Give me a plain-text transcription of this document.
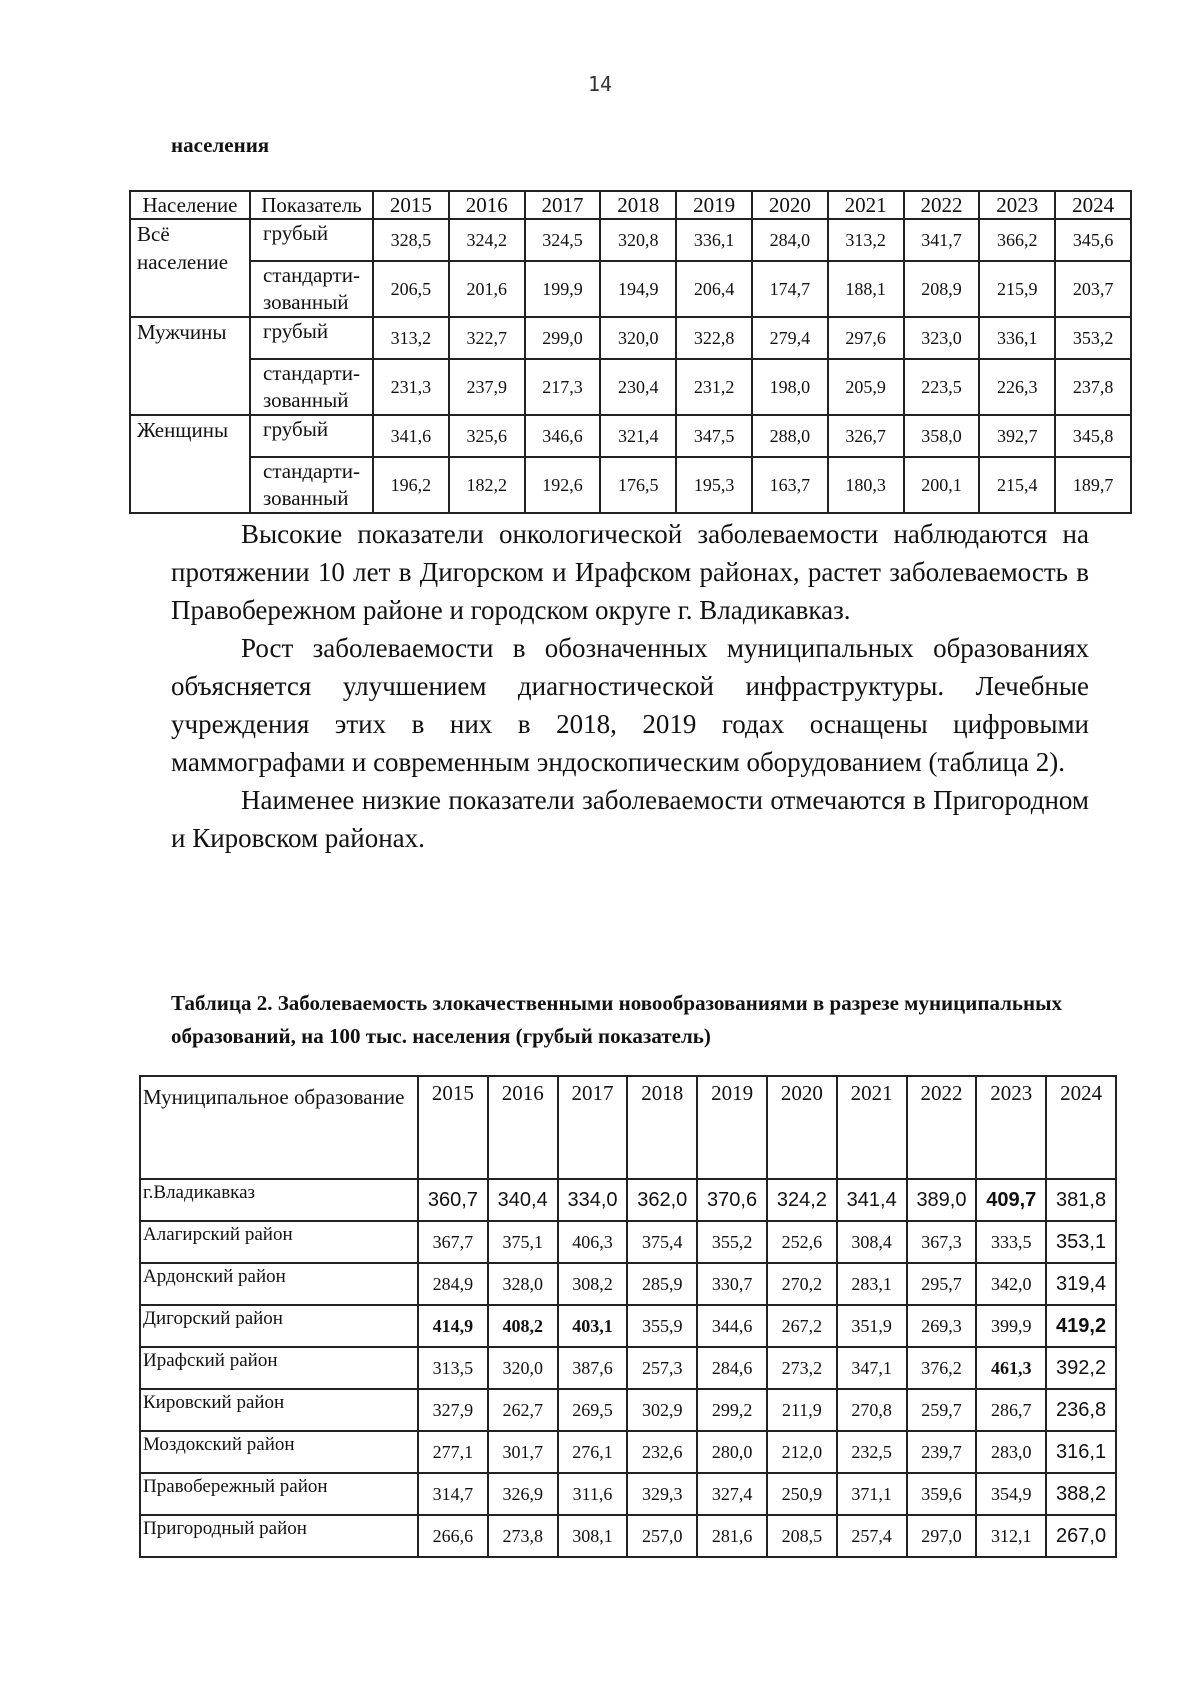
14
населения
Население	Показатель	2015	2016	2017	2018	2019	2020	2021	2022	2023	2024
Всё население	грубый	328,5	324,2	324,5	320,8	336,1	284,0	313,2	341,7	366,2	345,6
	стандарти-зованный	206,5	201,6	199,9	194,9	206,4	174,7	188,1	208,9	215,9	203,7
Мужчины	грубый	313,2	322,7	299,0	320,0	322,8	279,4	297,6	323,0	336,1	353,2
	стандарти-зованный	231,3	237,9	217,3	230,4	231,2	198,0	205,9	223,5	226,3	237,8
Женщины	грубый	341,6	325,6	346,6	321,4	347,5	288,0	326,7	358,0	392,7	345,8
	стандарти-зованный	196,2	182,2	192,6	176,5	195,3	163,7	180,3	200,1	215,4	189,7

Высокие показатели онкологической заболеваемости наблюдаются на протяжении 10 лет в Дигорском и Ирафском районах, растет заболеваемость в Правобережном районе и городском округе г. Владикавказ.

Рост заболеваемости в обозначенных муниципальных образованиях объясняется улучшением диагностической инфраструктуры. Лечебные учреждения этих в них в 2018, 2019 годах оснащены цифровыми маммографами и современным эндоскопическим оборудованием (таблица 2).

Наименее низкие показатели заболеваемости отмечаются в Пригородном и Кировском районах.

Таблица 2. Заболеваемость злокачественными новообразованиями в разрезе муниципальных образований, на 100 тыс. населения (грубый показатель)
Муниципальное образование	2015	2016	2017	2018	2019	2020	2021	2022	2023	2024
г.Владикавказ	360,7	340,4	334,0	362,0	370,6	324,2	341,4	389,0	409,7	381,8
Алагирский район	367,7	375,1	406,3	375,4	355,2	252,6	308,4	367,3	333,5	353,1
Ардонский район	284,9	328,0	308,2	285,9	330,7	270,2	283,1	295,7	342,0	319,4
Дигорский район	414,9	408,2	403,1	355,9	344,6	267,2	351,9	269,3	399,9	419,2
Ирафский район	313,5	320,0	387,6	257,3	284,6	273,2	347,1	376,2	461,3	392,2
Кировский район	327,9	262,7	269,5	302,9	299,2	211,9	270,8	259,7	286,7	236,8
Моздокский район	277,1	301,7	276,1	232,6	280,0	212,0	232,5	239,7	283,0	316,1
Правобережный район	314,7	326,9	311,6	329,3	327,4	250,9	371,1	359,6	354,9	388,2
Пригородный район	266,6	273,8	308,1	257,0	281,6	208,5	257,4	297,0	312,1	267,0
